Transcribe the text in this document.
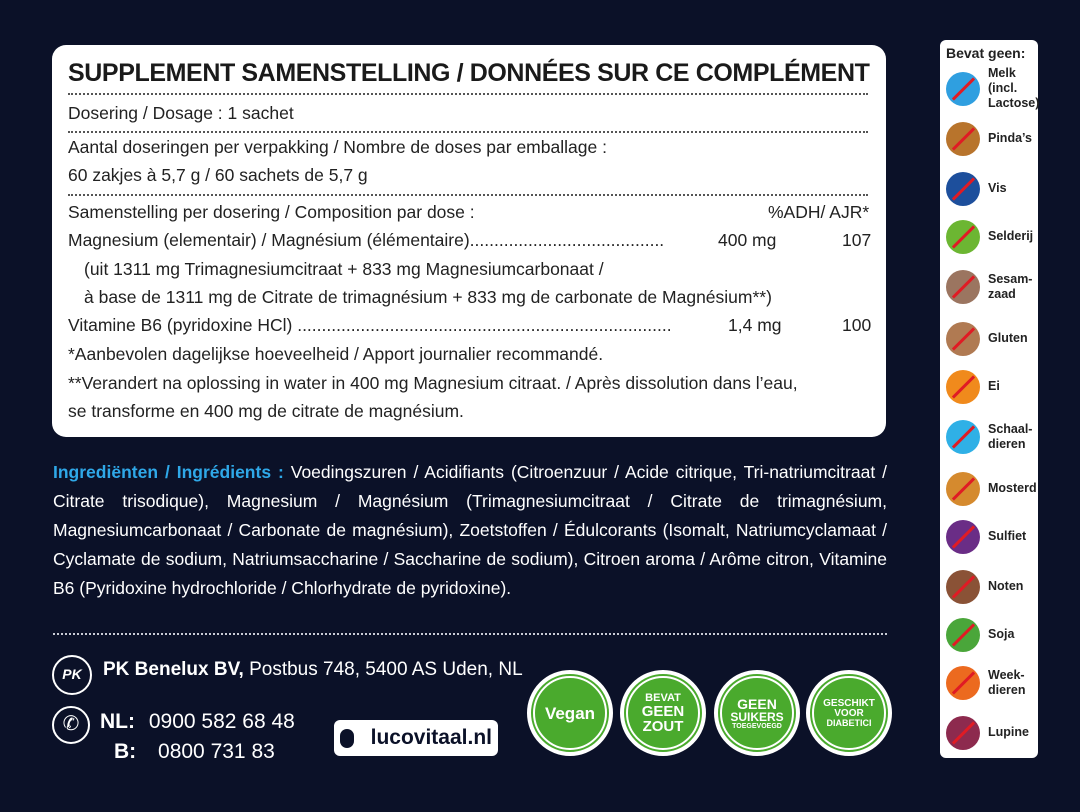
SUPPLEMENT SAMENSTELLING / DONNÉES SUR CE COMPLÉMENT
Dosering / Dosage : 1 sachet
Aantal doseringen per verpakking / Nombre de doses par emballage :
60 zakjes à 5,7 g / 60 sachets de 5,7 g
Samenstelling per dosering / Composition par dose :	%ADH/ AJR*
Magnesium (elementair) / Magnésium (élémentaire)........................................	400 mg	107
(uit 1311 mg Trimagnesiumcitraat + 833 mg Magnesiumcarbonaat /
à base de 1311 mg de Citrate de trimagnésium + 833 mg de carbonate de Magnésium**)
Vitamine B6 (pyridoxine HCl) .............................................................................	1,4 mg	100
*Aanbevolen dagelijkse hoeveelheid / Apport journalier recommandé.
**Verandert na oplossing in water in 400 mg Magnesium citraat. / Après dissolution dans l’eau,
se transforme en 400 mg de citrate de magnésium.
Ingrediënten / Ingrédients : Voedingszuren / Acidifiants (Citroenzuur / Acide citrique, Tri-natriumcitraat / Citrate trisodique), Magnesium / Magnésium (Trimagnesiumcitraat / Citrate de trimagnésium, Magnesiumcarbonaat / Carbonate de magnésium), Zoetstoffen / Édulcorants (Isomalt, Natriumcyclamaat / Cyclamate de sodium, Natriumsaccharine / Saccharine de sodium), Citroen aroma / Arôme citron, Vitamine B6 (Pyridoxine hydrochloride / Chlorhydrate de pyridoxine).
PK	PK Benelux BV, Postbus 748, 5400 AS Uden, NL
✆ NL: 0900 582 68 48
B: 0800 731 83
lucovitaal.nl
Vegan
BEVAT
GEEN
ZOUT
GEEN
SUIKERS
TOEGEVOEGD
GESCHIKT
VOOR
DIABETICI
Bevat geen:
Melk
(incl.
Lactose)
Pinda’s
Vis
Selderij
Sesam-
zaad
Gluten
Ei
Schaal-
dieren
Mosterd
Sulfiet
Noten
Soja
Week-
dieren
Lupine
